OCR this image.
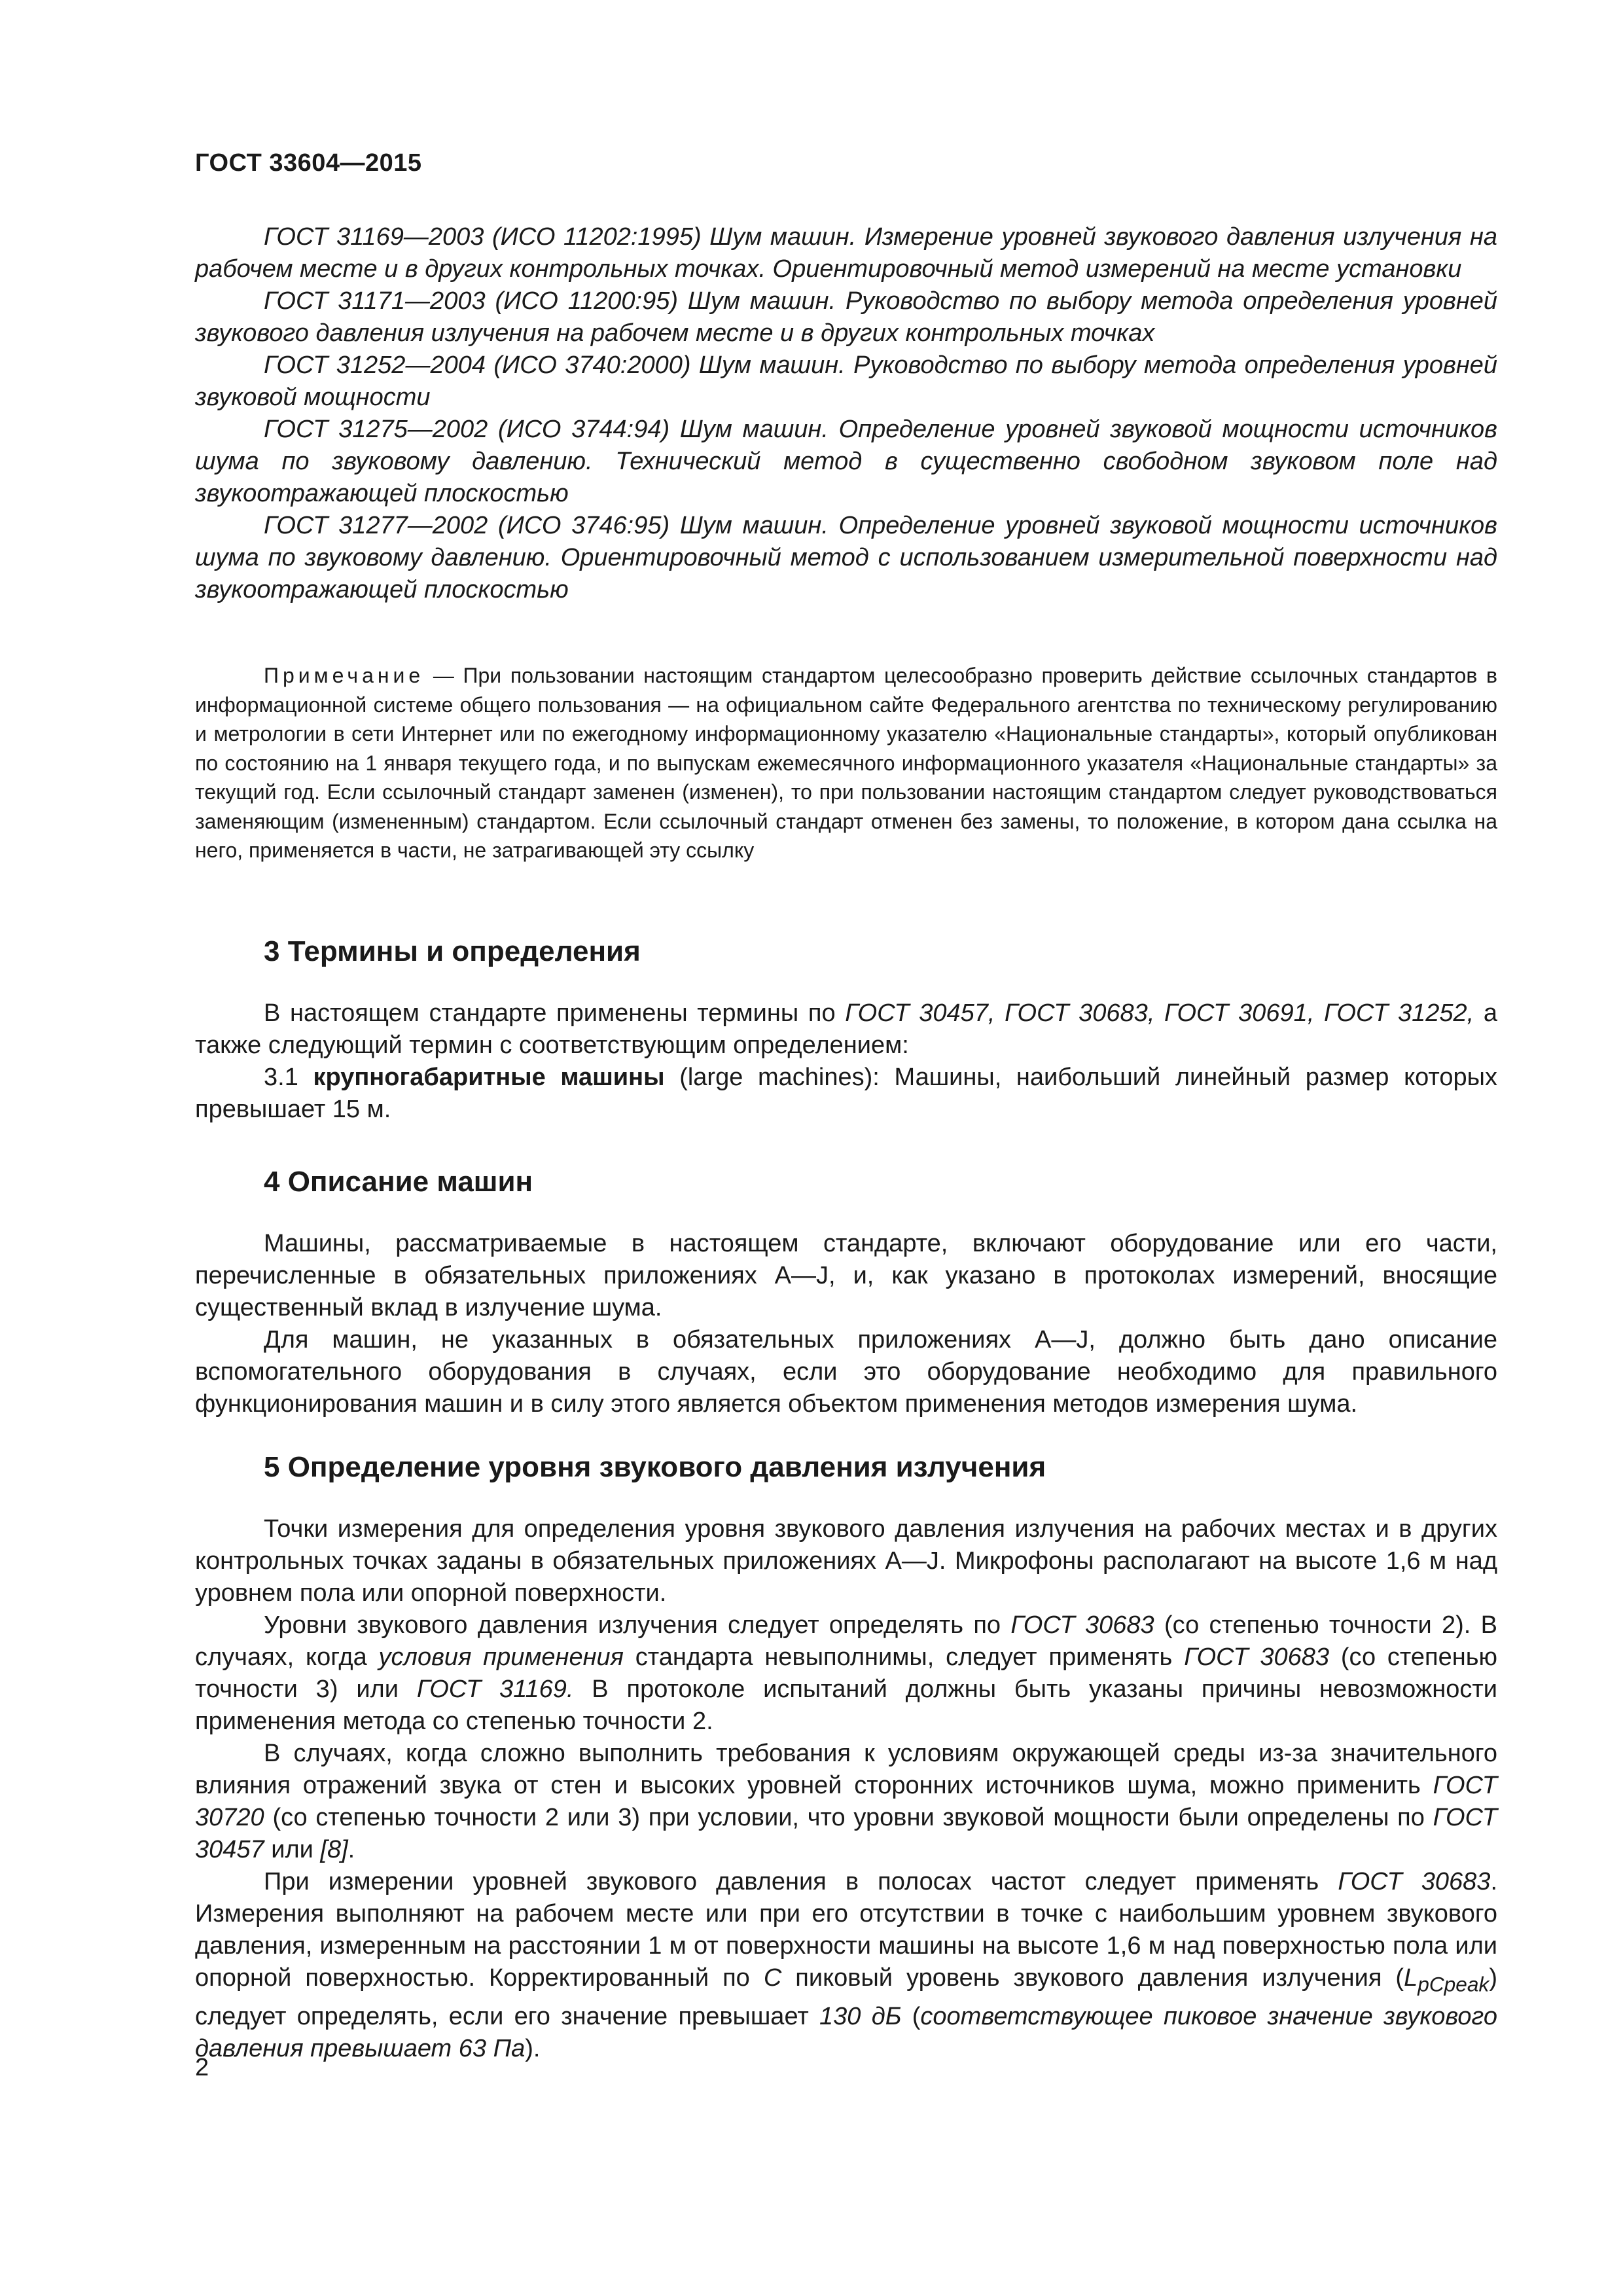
ГОСТ 33604—2015

ГОСТ 31169—2003 (ИСО 11202:1995) Шум машин. Измерение уровней звукового давления излучения на рабочем месте и в других контрольных точках. Ориентировочный метод измерений на месте установки

ГОСТ 31171—2003 (ИСО 11200:95) Шум машин. Руководство по выбору метода определения уровней звукового давления излучения на рабочем месте и в других контрольных точках

ГОСТ 31252—2004 (ИСО 3740:2000) Шум машин. Руководство по выбору метода определения уровней звуковой мощности

ГОСТ 31275—2002 (ИСО 3744:94) Шум машин. Определение уровней звуковой мощности источников шума по звуковому давлению. Технический метод в существенно свободном звуковом поле над звукоотражающей плоскостью

ГОСТ 31277—2002 (ИСО 3746:95) Шум машин. Определение уровней звуковой мощности источников шума по звуковому давлению. Ориентировочный метод с использованием измерительной поверхности над звукоотражающей плоскостью

Примечание — При пользовании настоящим стандартом целесообразно проверить действие ссылочных стандартов в информационной системе общего пользования — на официальном сайте Федерального агентства по техническому регулированию и метрологии в сети Интернет или по ежегодному информационному указателю «Национальные стандарты», который опубликован по состоянию на 1 января текущего года, и по выпускам ежемесячного информационного указателя «Национальные стандарты» за текущий год. Если ссылочный стандарт заменен (изменен), то при пользовании настоящим стандартом следует руководствоваться заменяющим (измененным) стандартом. Если ссылочный стандарт отменен без замены, то положение, в котором дана ссылка на него, применяется в части, не затрагивающей эту ссылку

3 Термины и определения

В настоящем стандарте применены термины по ГОСТ 30457, ГОСТ 30683, ГОСТ 30691, ГОСТ 31252, а также следующий термин с соответствующим определением:

3.1 крупногабаритные машины (large machines): Машины, наибольший линейный размер которых превышает 15 м.

4 Описание машин

Машины, рассматриваемые в настоящем стандарте, включают оборудование или его части, перечисленные в обязательных приложениях А—J, и, как указано в протоколах измерений, вносящие существенный вклад в излучение шума.

Для машин, не указанных в обязательных приложениях А—J, должно быть дано описание вспомогательного оборудования в случаях, если это оборудование необходимо для правильного функционирования машин и в силу этого является объектом применения методов измерения шума.

5 Определение уровня звукового давления излучения

Точки измерения для определения уровня звукового давления излучения на рабочих местах и в других контрольных точках заданы в обязательных приложениях А—J. Микрофоны располагают на высоте 1,6 м над уровнем пола или опорной поверхности.

Уровни звукового давления излучения следует определять по ГОСТ 30683 (со степенью точности 2). В случаях, когда условия применения стандарта невыполнимы, следует применять ГОСТ 30683 (со степенью точности 3) или ГОСТ 31169. В протоколе испытаний должны быть указаны причины невозможности применения метода со степенью точности 2.

В случаях, когда сложно выполнить требования к условиям окружающей среды из-за значительного влияния отражений звука от стен и высоких уровней сторонних источников шума, можно применить ГОСТ 30720 (со степенью точности 2 или 3) при условии, что уровни звуковой мощности были определены по ГОСТ 30457 или [8].

При измерении уровней звукового давления в полосах частот следует применять ГОСТ 30683. Измерения выполняют на рабочем месте или при его отсутствии в точке с наибольшим уровнем звукового давления, измеренным на расстоянии 1 м от поверхности машины на высоте 1,6 м над поверхностью пола или опорной поверхностью. Корректированный по C пиковый уровень звукового давления излучения $(L_{pCpeak})$ следует определять, если его значение превышает 130 дБ (соответствующее пиковое значение звукового давления превышает 63 Па).

2
